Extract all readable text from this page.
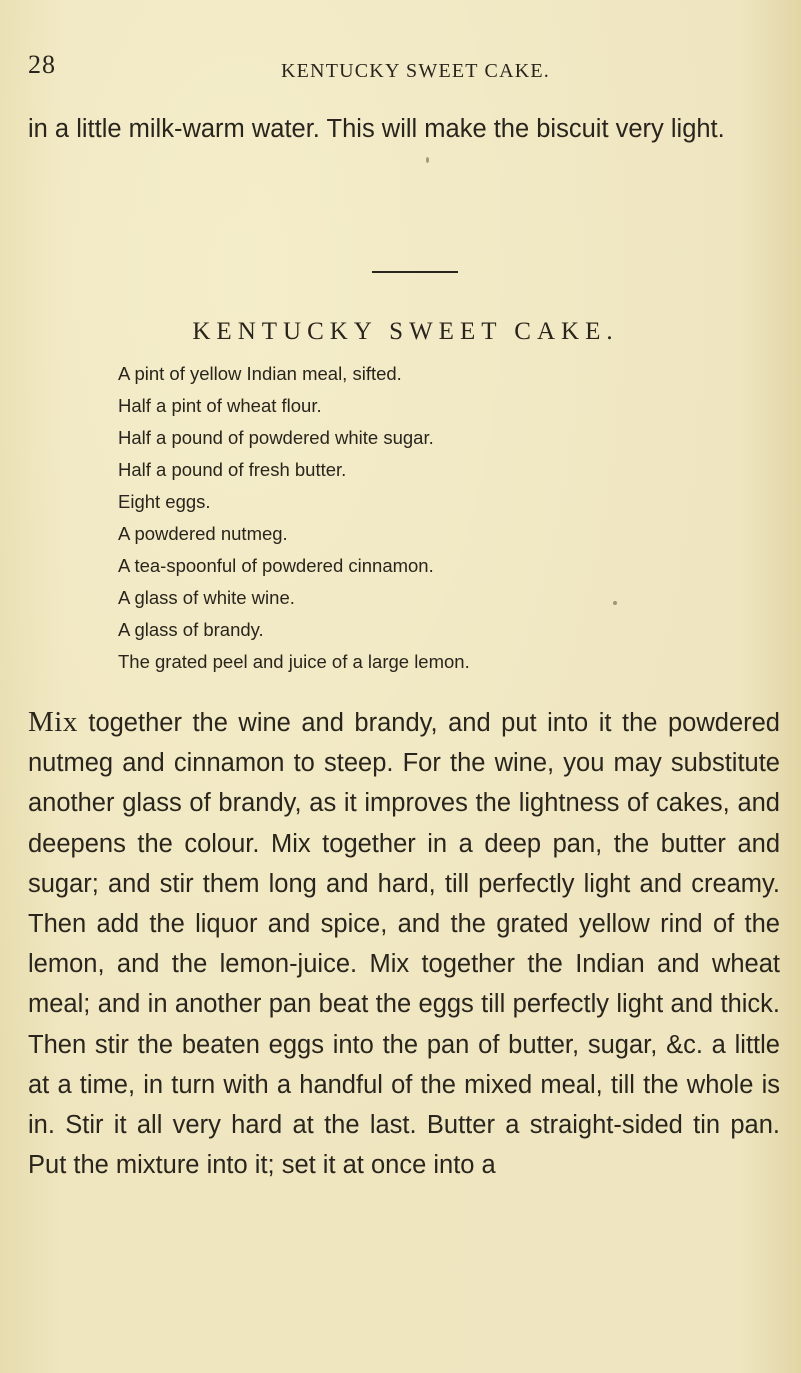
28	KENTUCKY SWEET CAKE.

in a little milk-warm water. This will make the biscuit very light.

KENTUCKY SWEET CAKE.
A pint of yellow Indian meal, sifted.
Half a pint of wheat flour.
Half a pound of powdered white sugar.
Half a pound of fresh butter.
Eight eggs.
A powdered nutmeg.
A tea-spoonful of powdered cinnamon.
A glass of white wine.
A glass of brandy.
The grated peel and juice of a large lemon.

Mix together the wine and brandy, and put into it the powdered nutmeg and cinnamon to steep. For the wine, you may substitute another glass of brandy, as it improves the lightness of cakes, and deepens the colour. Mix together in a deep pan, the butter and sugar; and stir them long and hard, till perfectly light and creamy. Then add the liquor and spice, and the grated yellow rind of the lemon, and the lemon-juice. Mix together the Indian and wheat meal; and in another pan beat the eggs till perfectly light and thick. Then stir the beaten eggs into the pan of butter, sugar, &c. a little at a time, in turn with a handful of the mixed meal, till the whole is in. Stir it all very hard at the last. Butter a straight-sided tin pan. Put the mixture into it; set it at once into a
